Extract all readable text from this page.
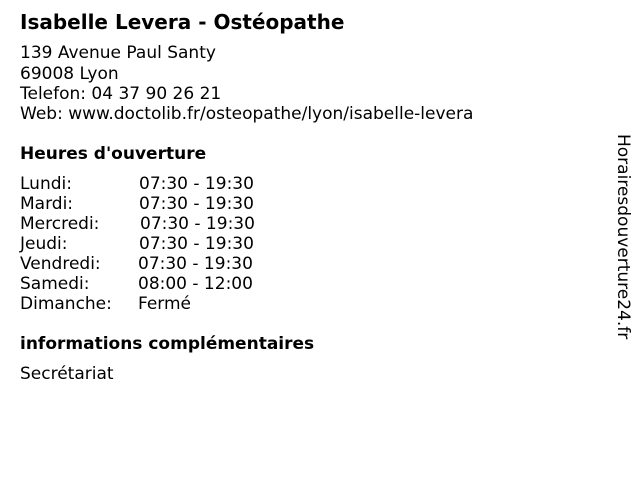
Isabelle Levera - Ostéopathe
139 Avenue Paul Santy
69008 Lyon
Telefon: 04 37 90 26 21
Web: www.doctolib.fr/osteopathe/lyon/isabelle-levera
Heures d'ouverture
Lundi:	07:30 - 19:30
Mardi:	07:30 - 19:30
Mercredi: 07:30 - 19:30
Jeudi:	07:30 - 19:30
Vendredi: 07:30 - 19:30
Samedi:	08:00 - 12:00
Dimanche: Fermé
informations complémentaires
Secrétariat
Horairesdouverture24.fr
